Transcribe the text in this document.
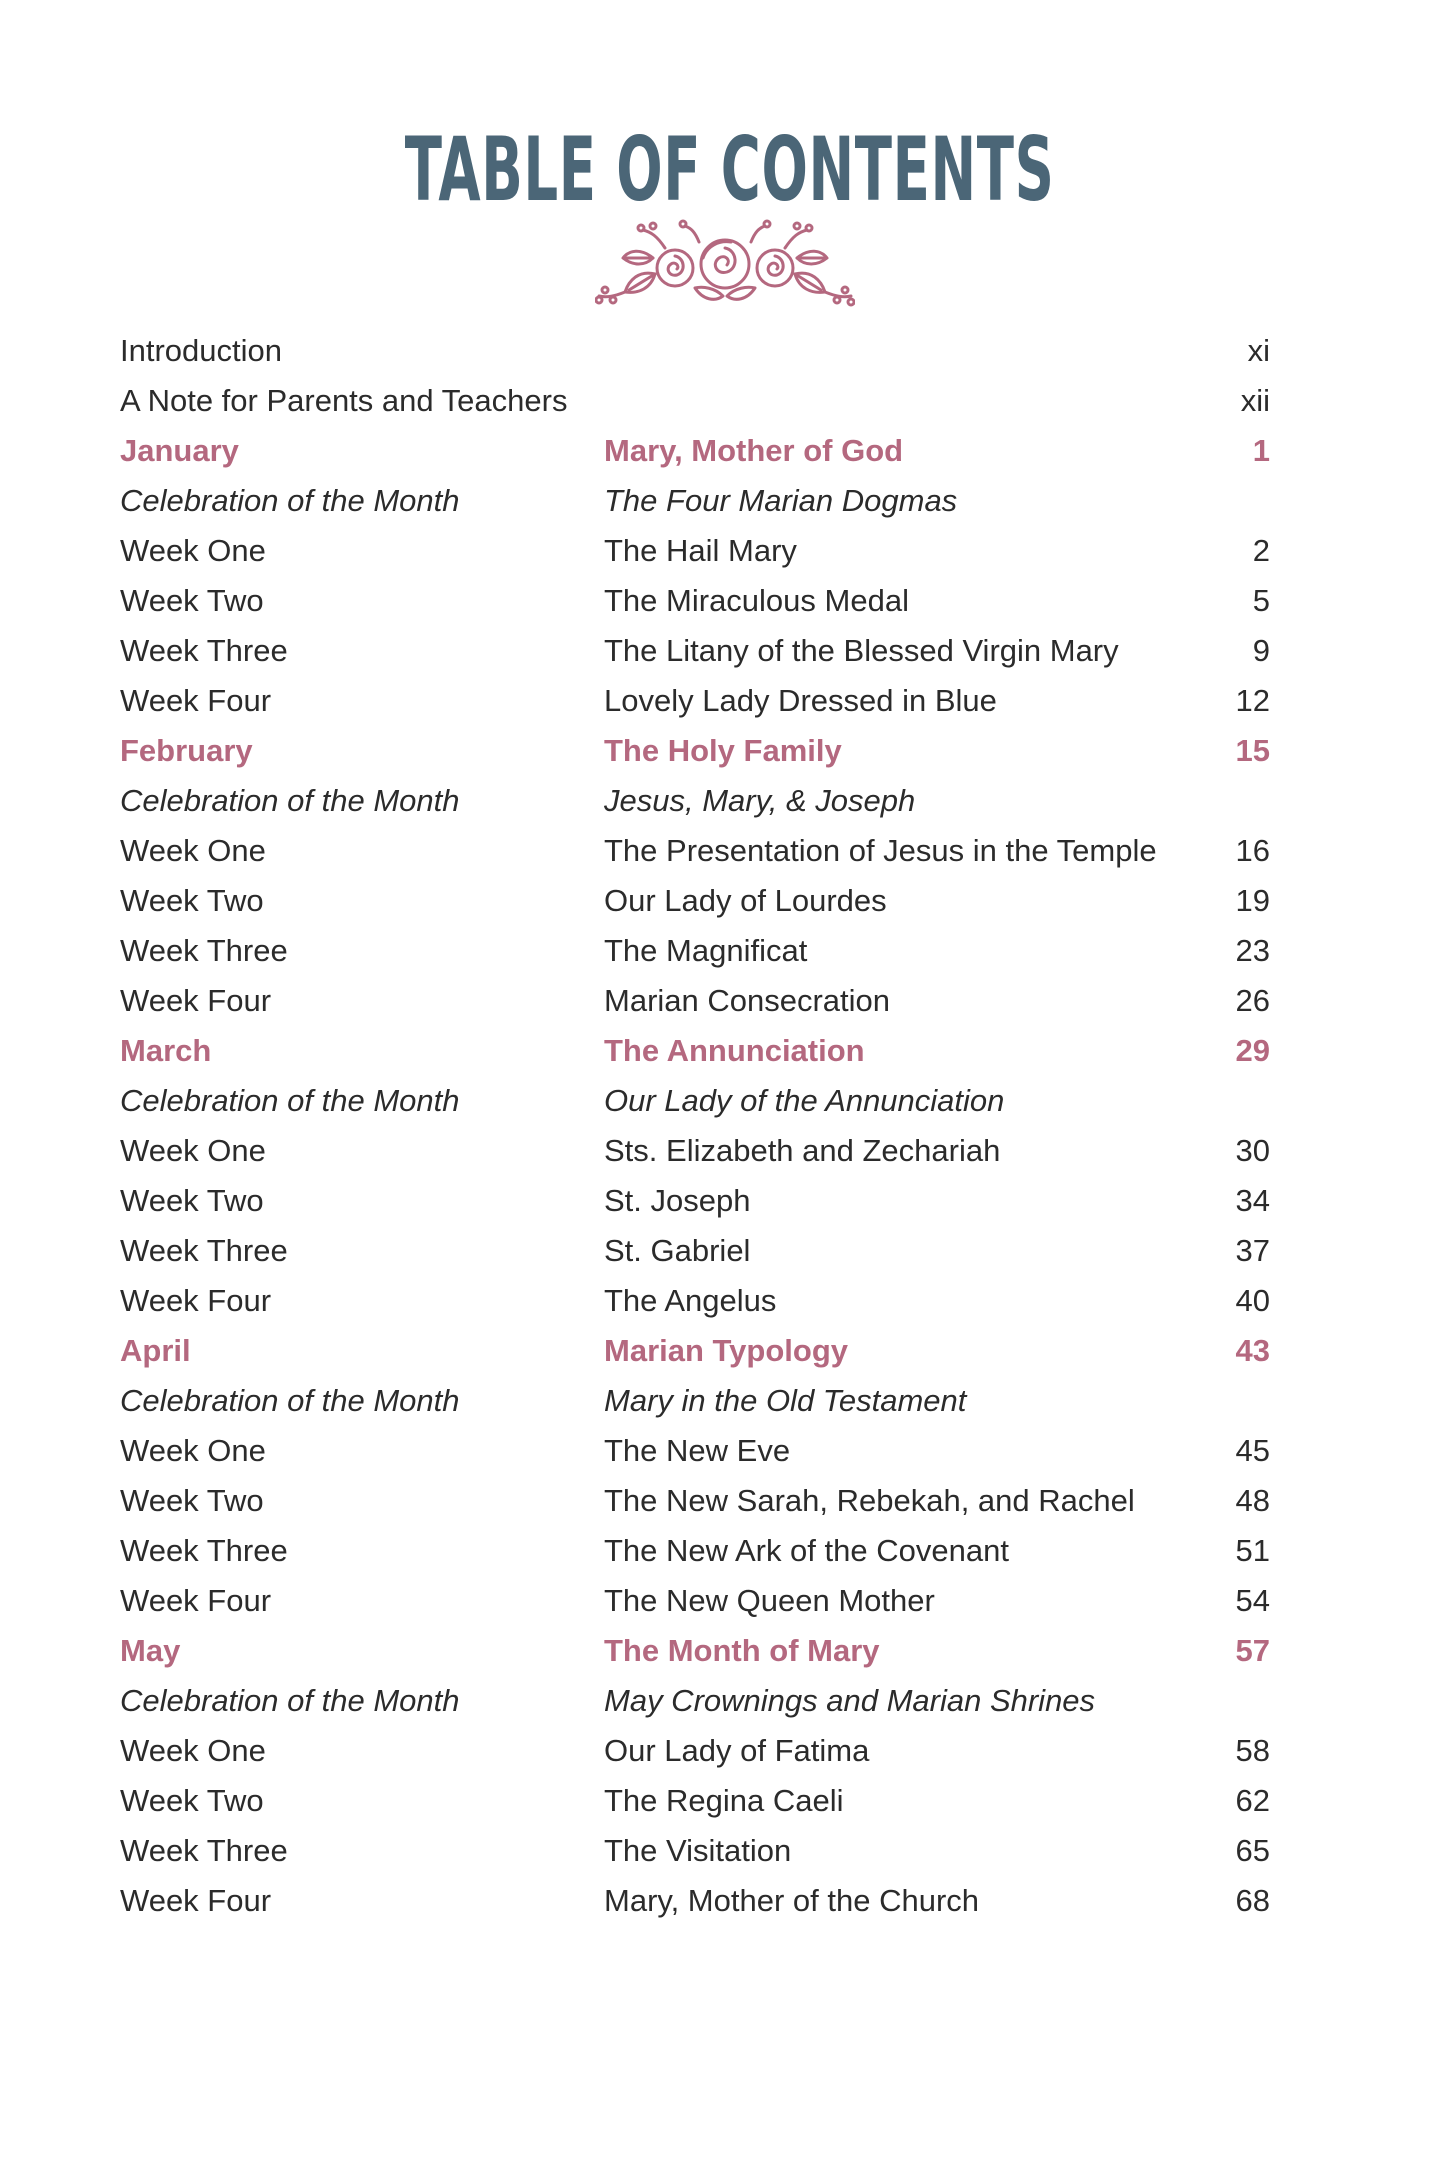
TABLE OF CONTENTS
Introduction	xi
A Note for Parents and Teachers	xii
January	Mary, Mother of God	1
Celebration of the Month	The Four Marian Dogmas
Week One	The Hail Mary	2
Week Two	The Miraculous Medal	5
Week Three	The Litany of the Blessed Virgin Mary	9
Week Four	Lovely Lady Dressed in Blue	12
February	The Holy Family	15
Celebration of the Month	Jesus, Mary, & Joseph
Week One	The Presentation of Jesus in the Temple	16
Week Two	Our Lady of Lourdes	19
Week Three	The Magnificat	23
Week Four	Marian Consecration	26
March	The Annunciation	29
Celebration of the Month	Our Lady of the Annunciation
Week One	Sts. Elizabeth and Zechariah	30
Week Two	St. Joseph	34
Week Three	St. Gabriel	37
Week Four	The Angelus	40
April	Marian Typology	43
Celebration of the Month	Mary in the Old Testament
Week One	The New Eve	45
Week Two	The New Sarah, Rebekah, and Rachel	48
Week Three	The New Ark of the Covenant	51
Week Four	The New Queen Mother	54
May	The Month of Mary	57
Celebration of the Month	May Crownings and Marian Shrines
Week One	Our Lady of Fatima	58
Week Two	The Regina Caeli	62
Week Three	The Visitation	65
Week Four	Mary, Mother of the Church	68
